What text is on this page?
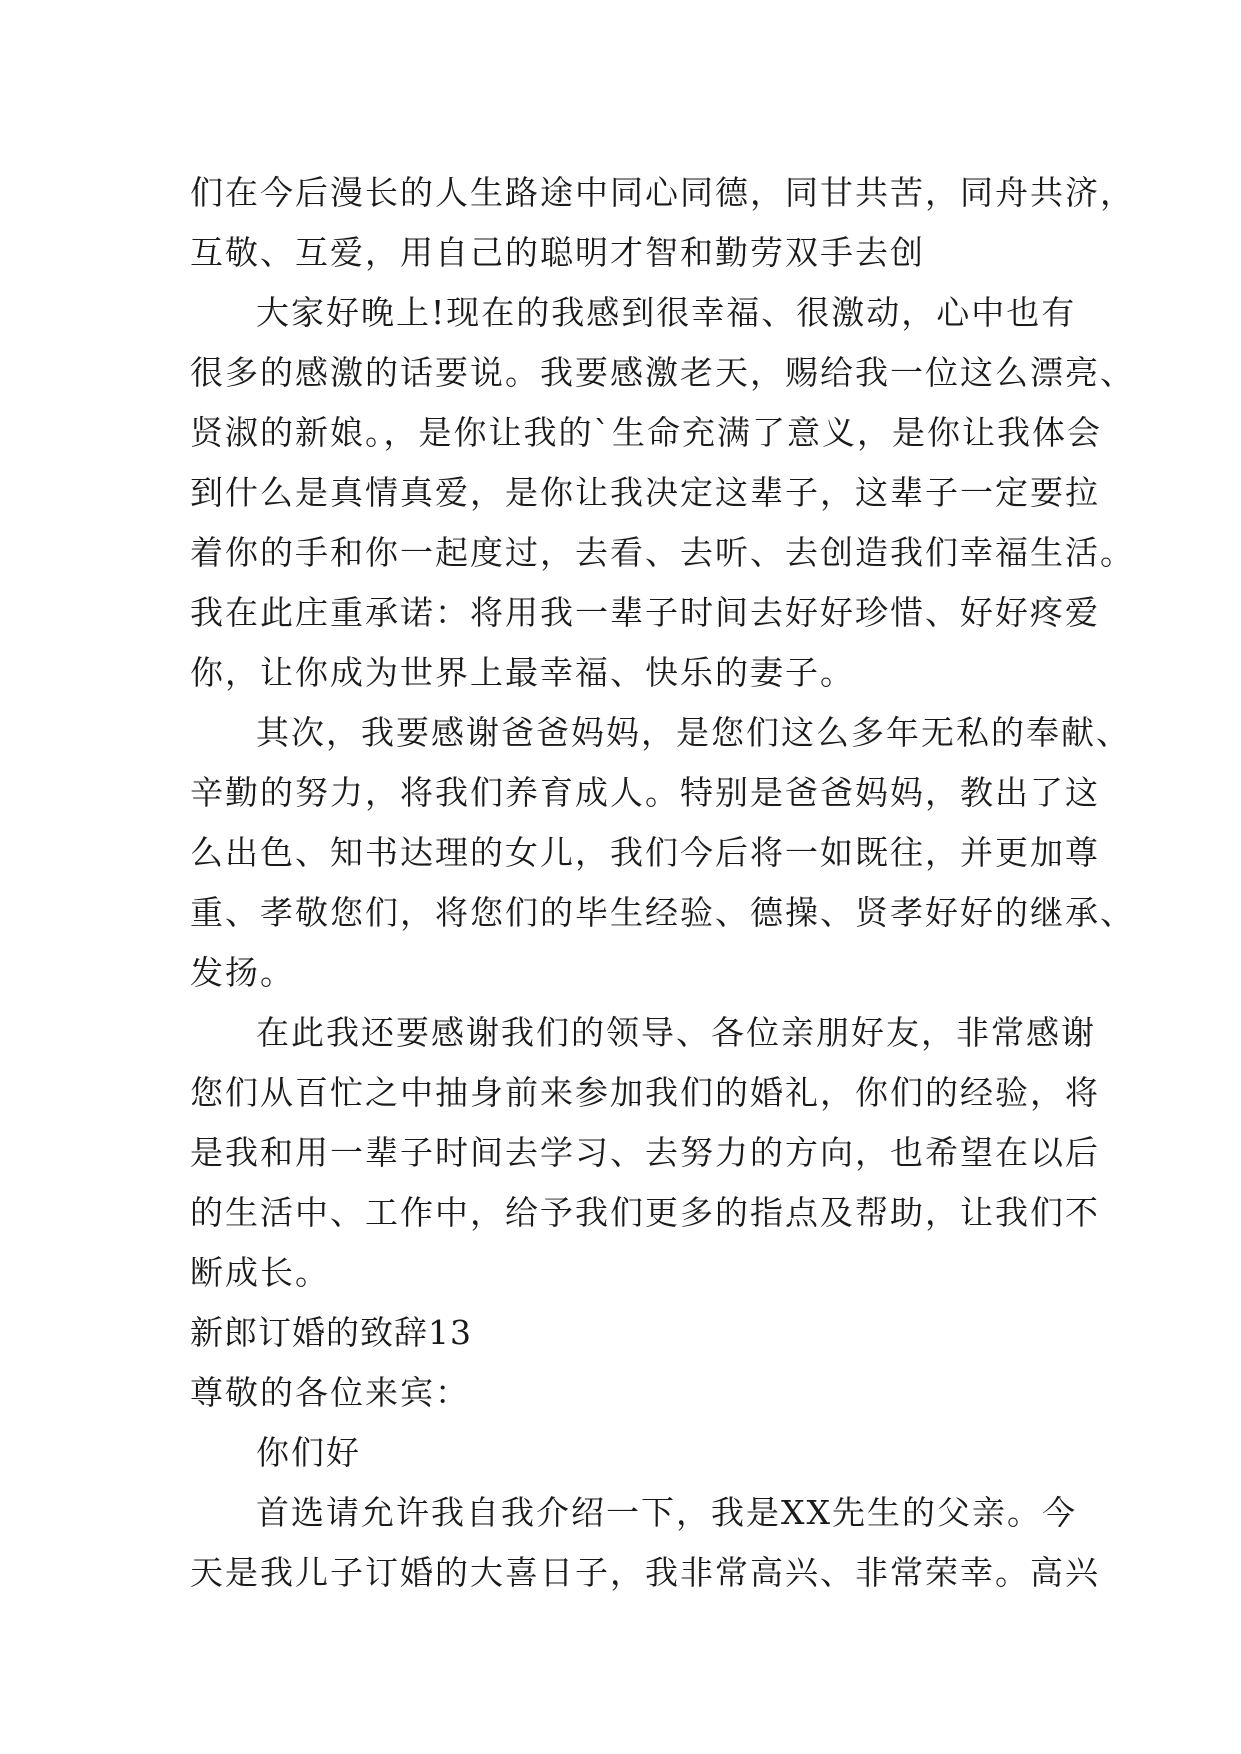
们在今后漫长的人生路途中同心同德，同甘共苦，同舟共济，
互敬、互爱，用自己的聪明才智和勤劳双手去创
大家好晚上!现在的我感到很幸福、很激动，心中也有
很多的感激的话要说。我要感激老天，赐给我一位这么漂亮、
贤淑的新娘。，是你让我的`生命充满了意义，是你让我体会
到什么是真情真爱，是你让我决定这辈子，这辈子一定要拉
着你的手和你一起度过，去看、去听、去创造我们幸福生活。
我在此庄重承诺：将用我一辈子时间去好好珍惜、好好疼爱
你，让你成为世界上最幸福、快乐的妻子。
其次，我要感谢爸爸妈妈，是您们这么多年无私的奉献、
辛勤的努力，将我们养育成人。特别是爸爸妈妈，教出了这
么出色、知书达理的女儿，我们今后将一如既往，并更加尊
重、孝敬您们，将您们的毕生经验、德操、贤孝好好的继承、
发扬。
在此我还要感谢我们的领导、各位亲朋好友，非常感谢
您们从百忙之中抽身前来参加我们的婚礼，你们的经验，将
是我和用一辈子时间去学习、去努力的方向，也希望在以后
的生活中、工作中，给予我们更多的指点及帮助，让我们不
断成长。
新郎订婚的致辞13
尊敬的各位来宾：
你们好
首选请允许我自我介绍一下，我是XX先生的父亲。今
天是我儿子订婚的大喜日子，我非常高兴、非常荣幸。高兴
